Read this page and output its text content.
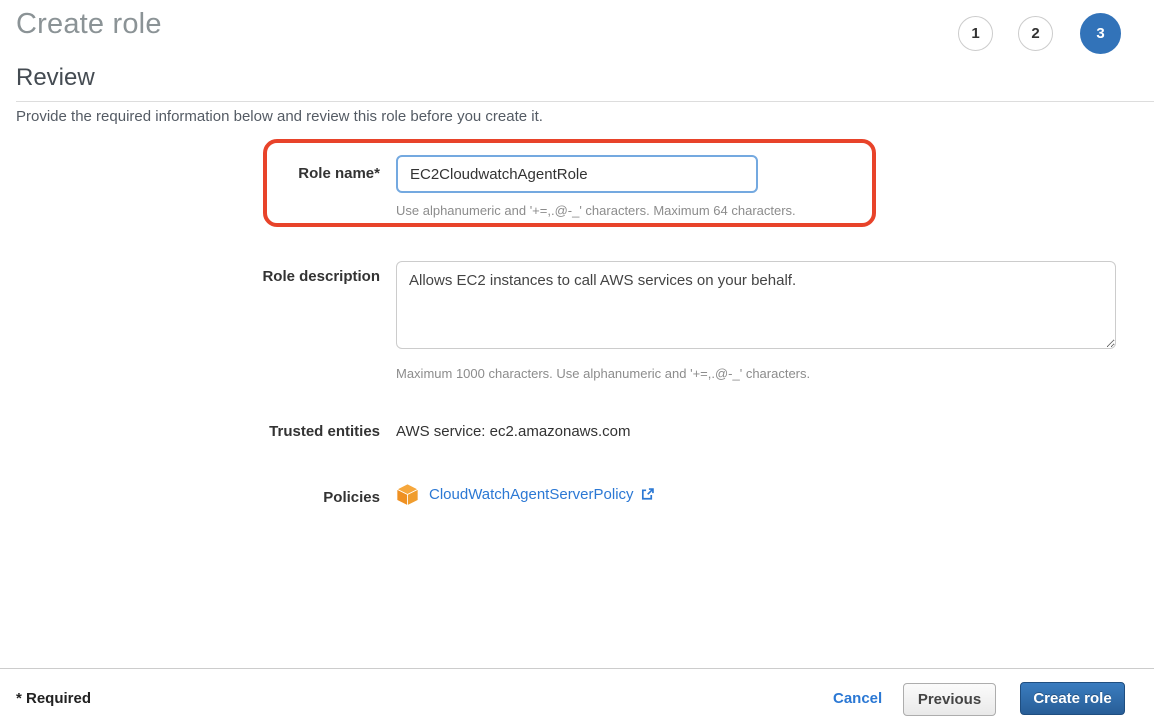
Create role	1	2	3
Review
Provide the required information below and review this role before you create it.
Role name*
EC2CloudwatchAgentRole
Use alphanumeric and '+=,.@-_' characters. Maximum 64 characters.
Role description
Allows EC2 instances to call AWS services on your behalf.
Maximum 1000 characters. Use alphanumeric and '+=,.@-_' characters.
Trusted entities AWS service: ec2.amazonaws.com
Policies	CloudWatchAgentServerPolicy
* Required	Cancel	Previous	Create role
